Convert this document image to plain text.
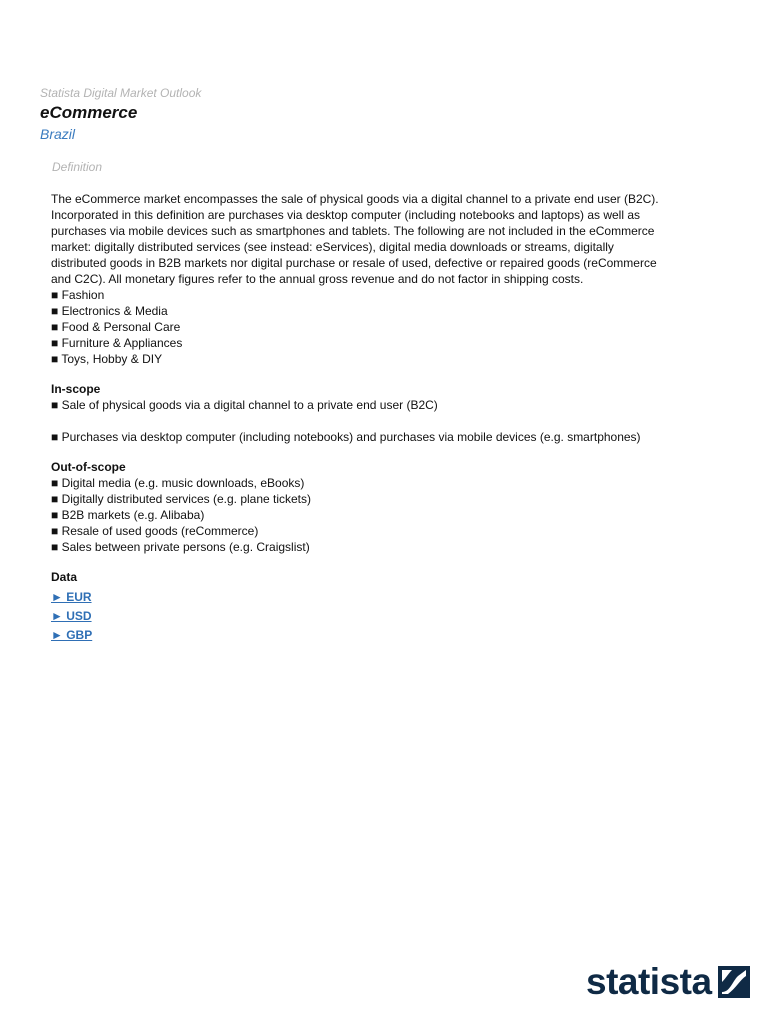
Statista Digital Market Outlook
eCommerce
Brazil
Definition

The eCommerce market encompasses the sale of physical goods via a digital channel to a private end user (B2C).
Incorporated in this definition are purchases via desktop computer (including notebooks and laptops) as well as
purchases via mobile devices such as smartphones and tablets. The following are not included in the eCommerce
market: digitally distributed services (see instead: eServices), digital media downloads or streams, digitally
distributed goods in B2B markets nor digital purchase or resale of used, defective or repaired goods (reCommerce
and C2C). All monetary figures refer to the annual gross revenue and do not factor in shipping costs.

■ Fashion
■ Electronics & Media
■ Food & Personal Care
■ Furniture & Appliances
■ Toys, Hobby & DIY
In-scope
■ Sale of physical goods via a digital channel to a private end user (B2C)
■ Purchases via desktop computer (including notebooks) and purchases via mobile devices (e.g. smartphones)
Out-of-scope
■ Digital media (e.g. music downloads, eBooks)
■ Digitally distributed services (e.g. plane tickets)
■ B2B markets (e.g. Alibaba)
■ Resale of used goods (reCommerce)
■ Sales between private persons (e.g. Craigslist)
Data
► EUR
► USD
► GBP
statista
